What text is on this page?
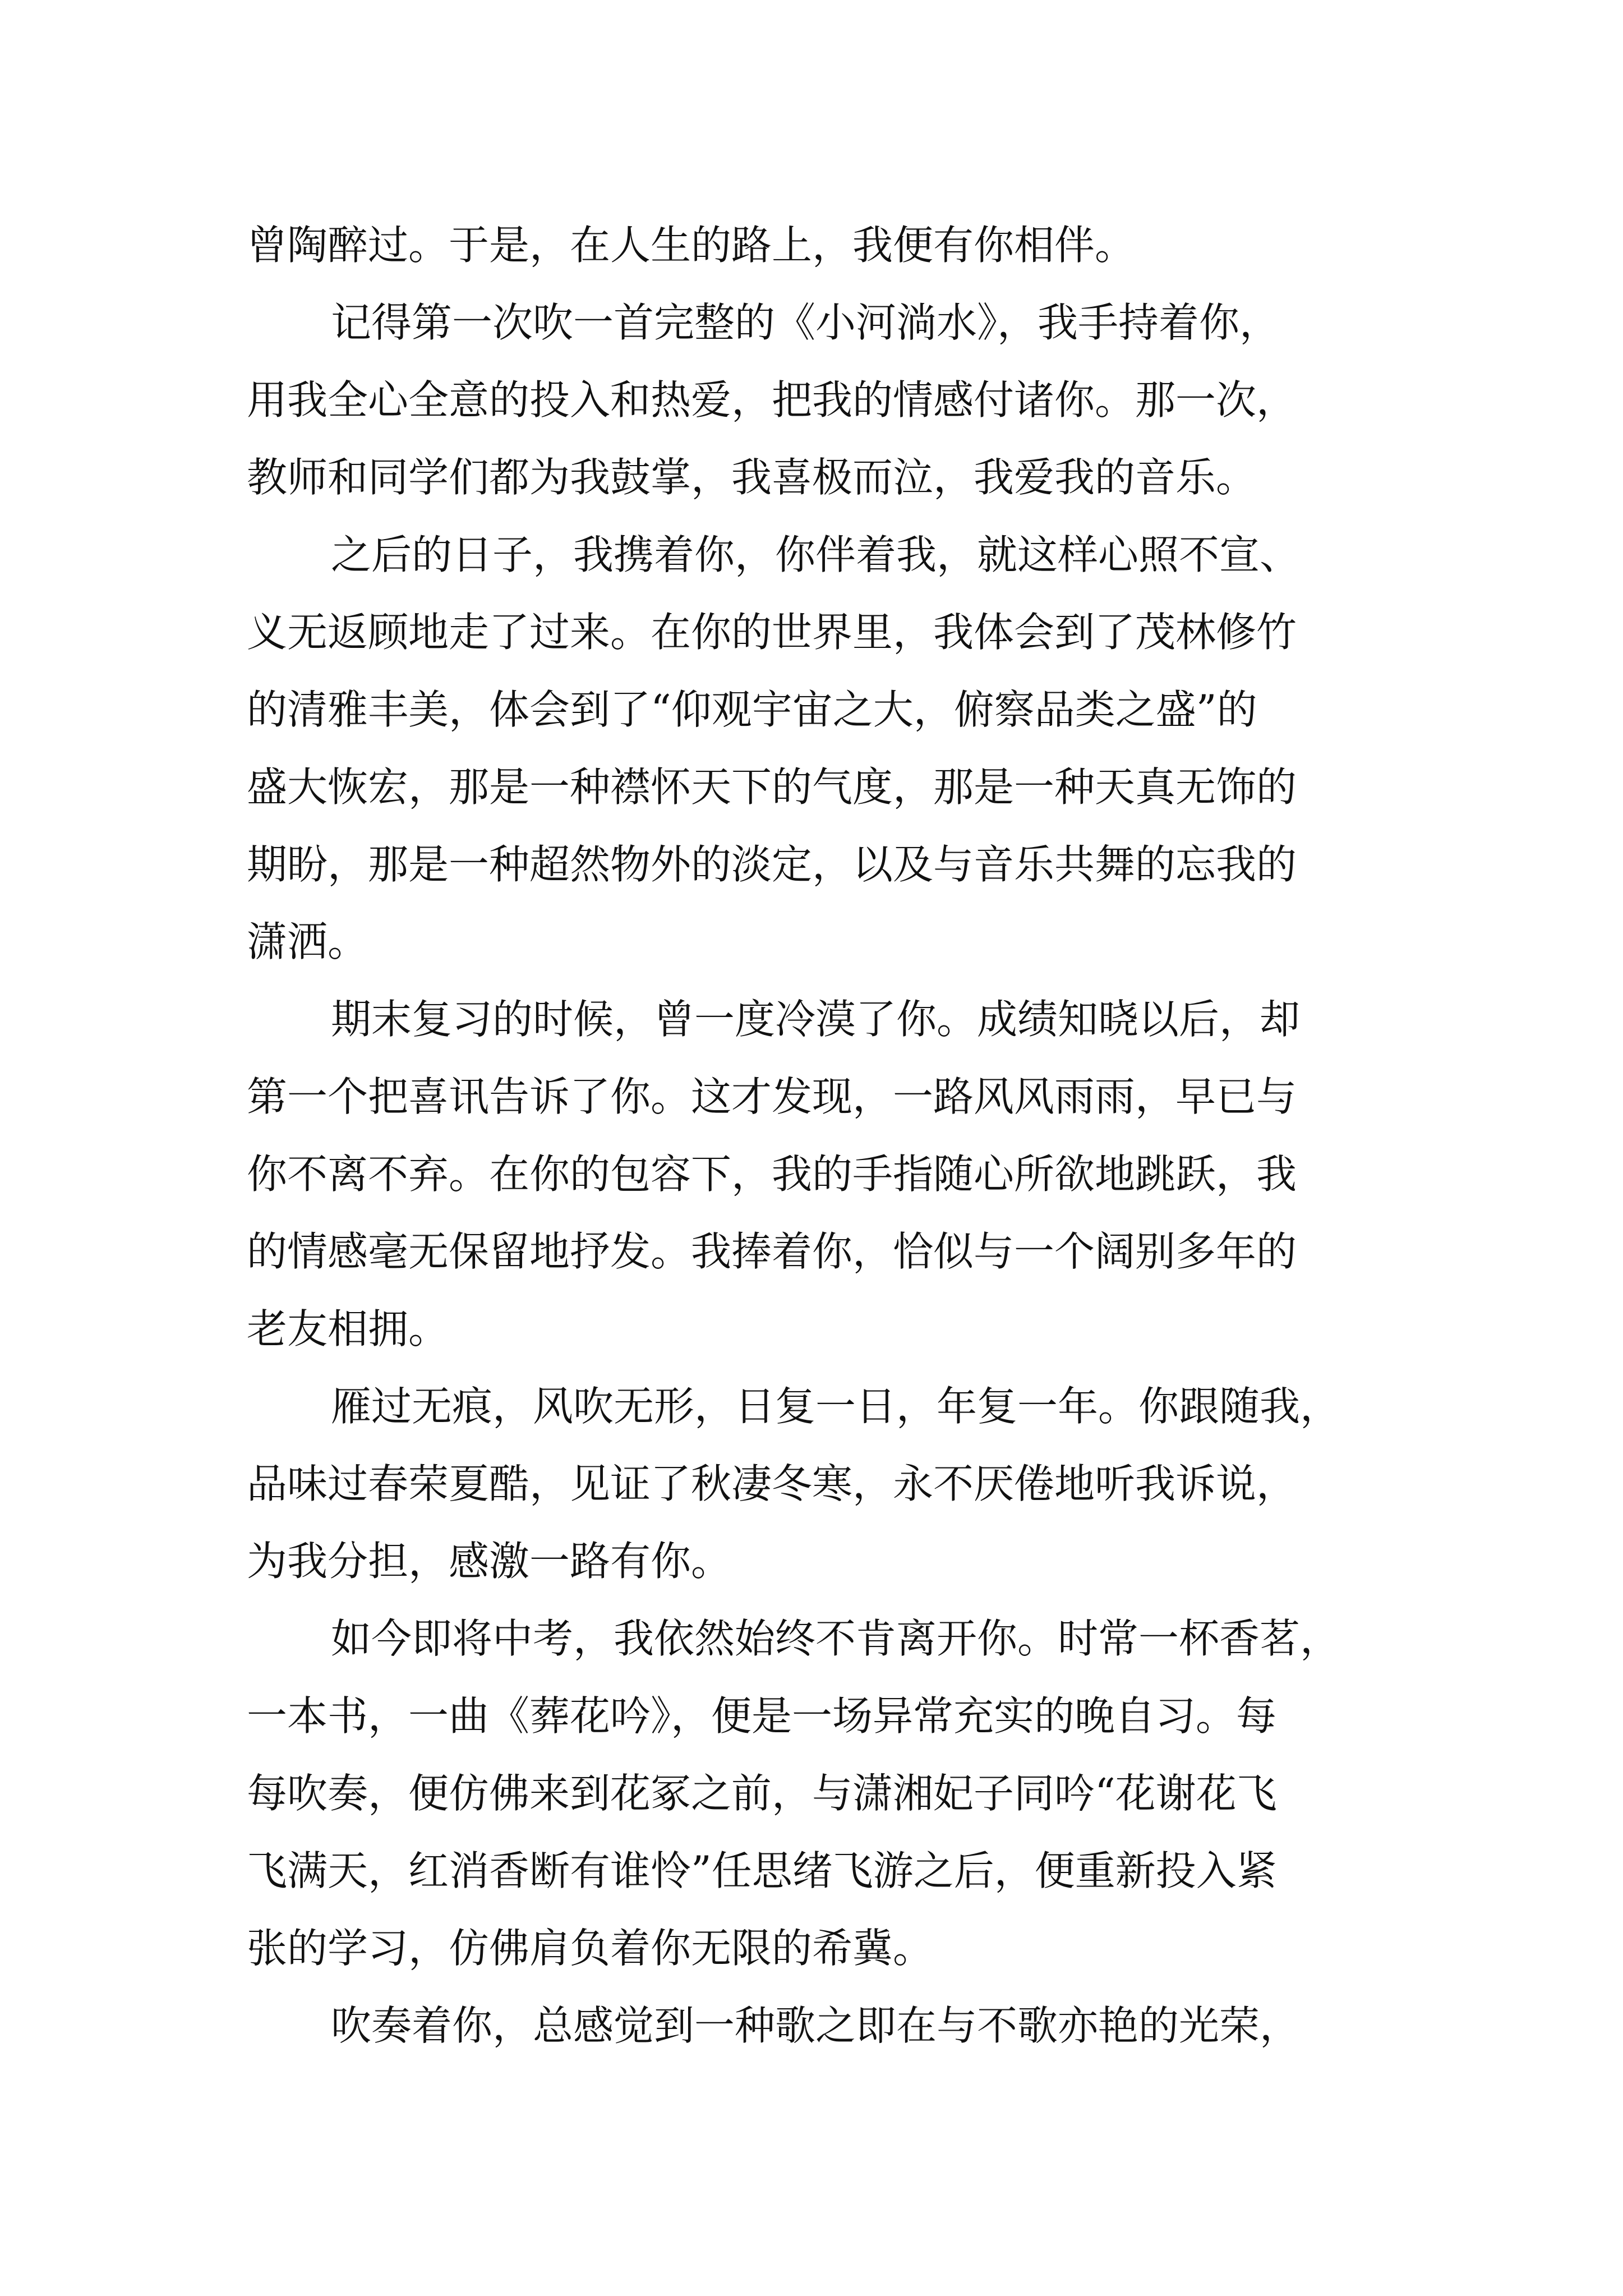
曾陶醉过。于是，在人生的路上，我便有你相伴。
记得第一次吹一首完整的《小河淌水》，我手持着你，
用我全心全意的投入和热爱，把我的情感付诸你。那一次，
教师和同学们都为我鼓掌，我喜极而泣，我爱我的音乐。
之后的日子，我携着你，你伴着我，就这样心照不宣、
义无返顾地走了过来。在你的世界里，我体会到了茂林修竹
的清雅丰美，体会到了“仰观宇宙之大，俯察品类之盛”的
盛大恢宏，那是一种襟怀天下的气度，那是一种天真无饰的
期盼，那是一种超然物外的淡定，以及与音乐共舞的忘我的
潇洒。
期末复习的时候，曾一度冷漠了你。成绩知晓以后，却
第一个把喜讯告诉了你。这才发现，一路风风雨雨，早已与
你不离不弃。在你的包容下，我的手指随心所欲地跳跃，我
的情感毫无保留地抒发。我捧着你，恰似与一个阔别多年的
老友相拥。
雁过无痕，风吹无形，日复一日，年复一年。你跟随我，
品味过春荣夏酷，见证了秋凄冬寒，永不厌倦地听我诉说，
为我分担，感激一路有你。
如今即将中考，我依然始终不肯离开你。时常一杯香茗，
一本书，一曲《葬花吟》，便是一场异常充实的晚自习。每
每吹奏，便仿佛来到花冢之前，与潇湘妃子同吟“花谢花飞
飞满天，红消香断有谁怜”任思绪飞游之后，便重新投入紧
张的学习，仿佛肩负着你无限的希冀。
吹奏着你，总感觉到一种歌之即在与不歌亦艳的光荣，
